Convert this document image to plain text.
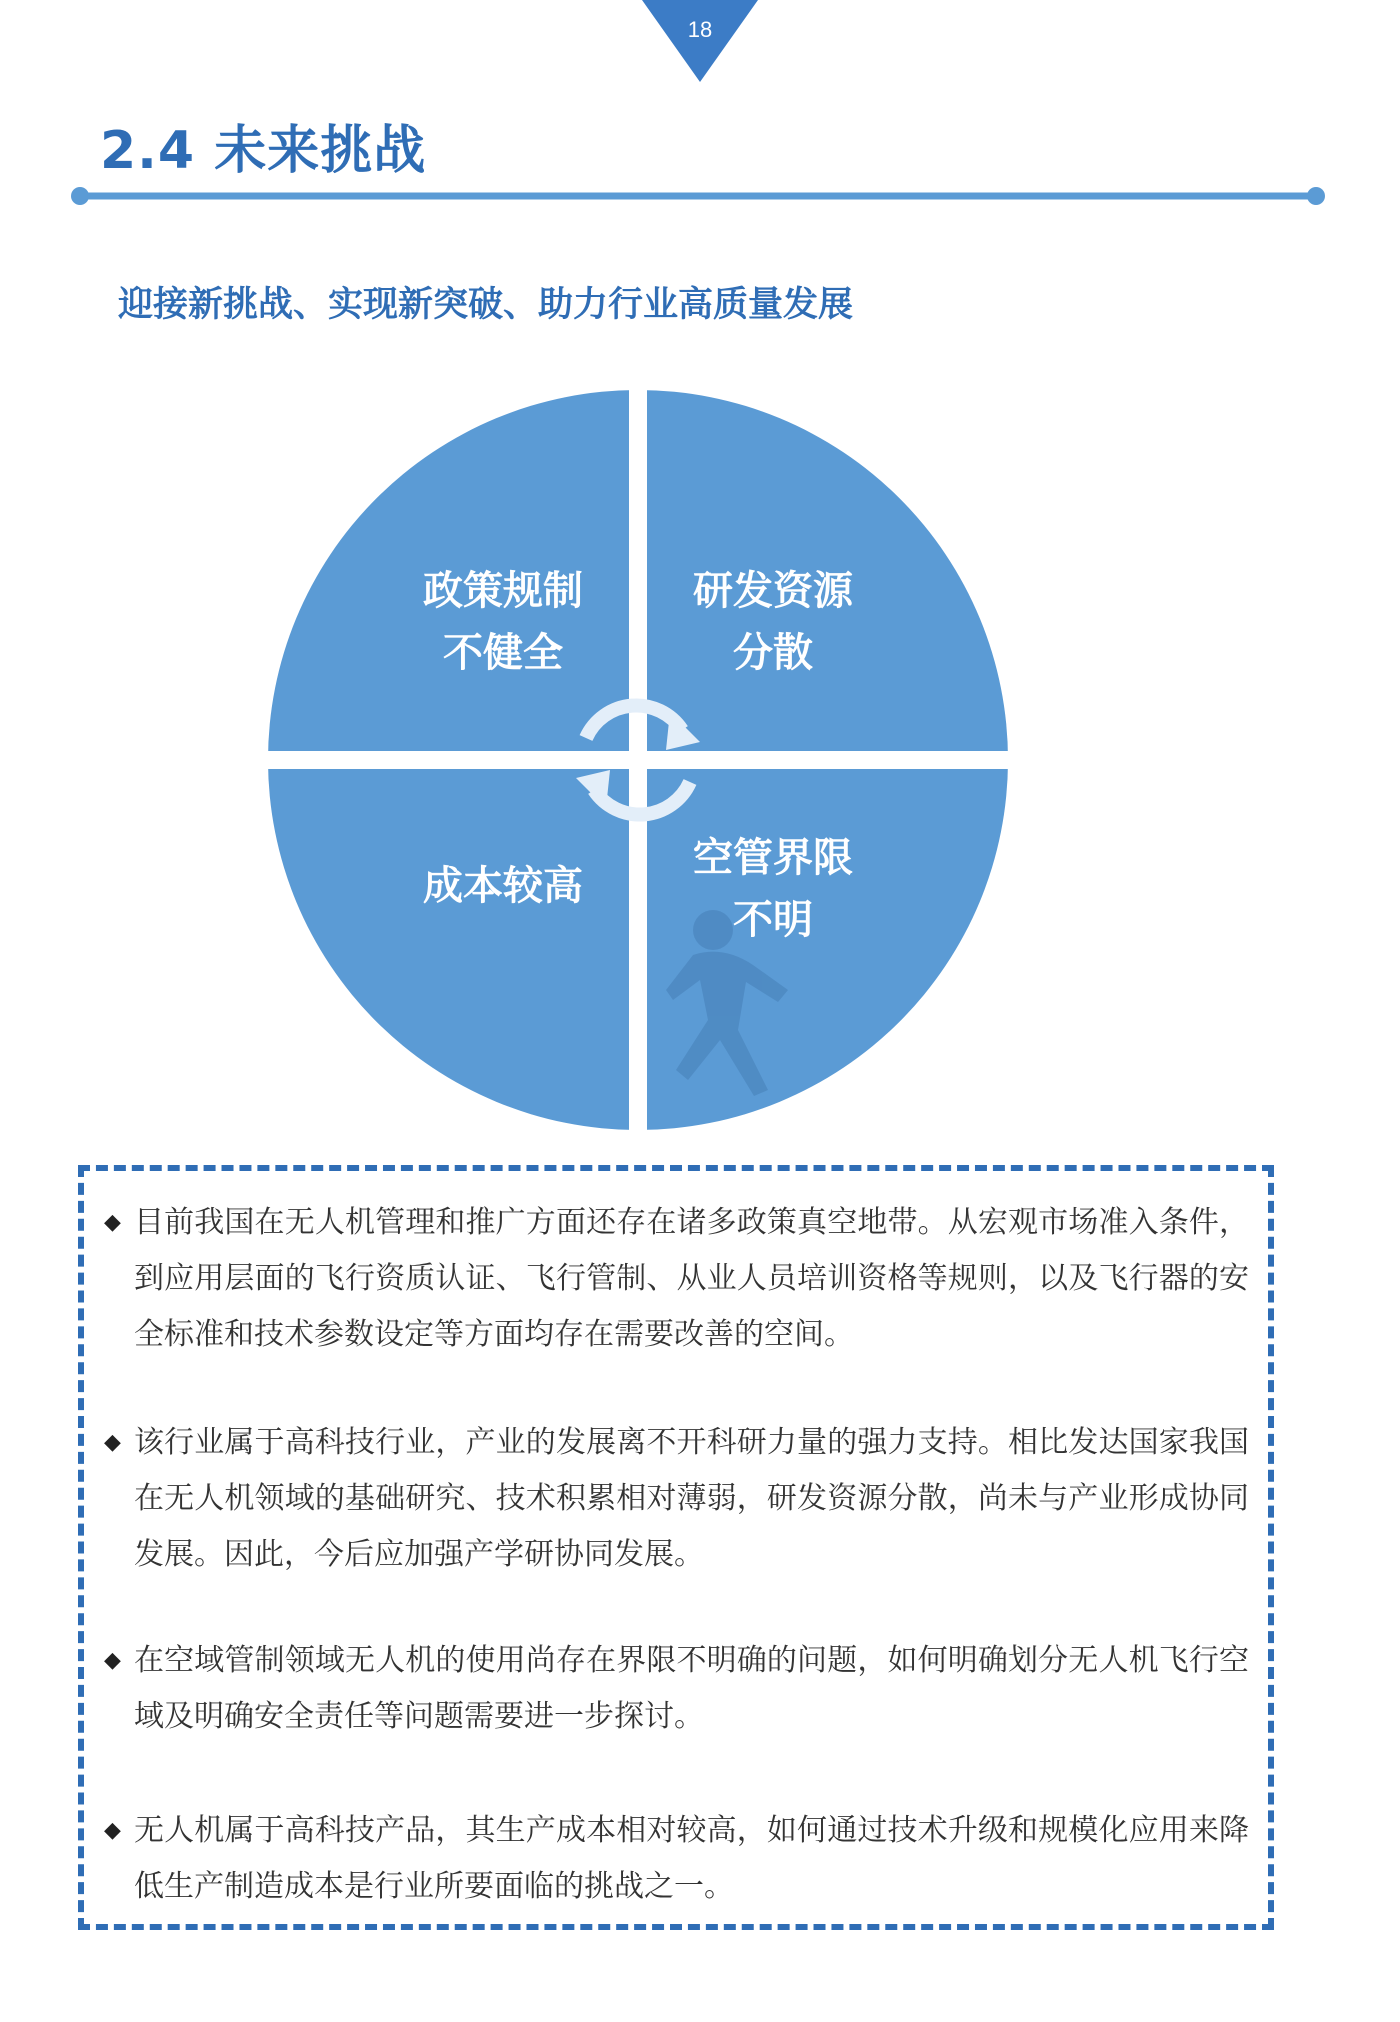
18
2.4 未来挑战
迎接新挑战、实现新突破、助力行业高质量发展
政策规制
不健全
研发资源
分散
成本较高
空管界限
不明
◆ 目前我国在无人机管理和推广方面还存在诸多政策真空地带。从宏观市场准入条件，到应用层面的飞行资质认证、飞行管制、从业人员培训资格等规则，以及飞行器的安全标准和技术参数设定等方面均存在需要改善的空间。
◆ 该行业属于高科技行业，产业的发展离不开科研力量的强力支持。相比发达国家我国在无人机领域的基础研究、技术积累相对薄弱，研发资源分散，尚未与产业形成协同发展。因此，今后应加强产学研协同发展。
◆ 在空域管制领域无人机的使用尚存在界限不明确的问题，如何明确划分无人机飞行空域及明确安全责任等问题需要进一步探讨。
◆ 无人机属于高科技产品，其生产成本相对较高，如何通过技术升级和规模化应用来降低生产制造成本是行业所要面临的挑战之一。
